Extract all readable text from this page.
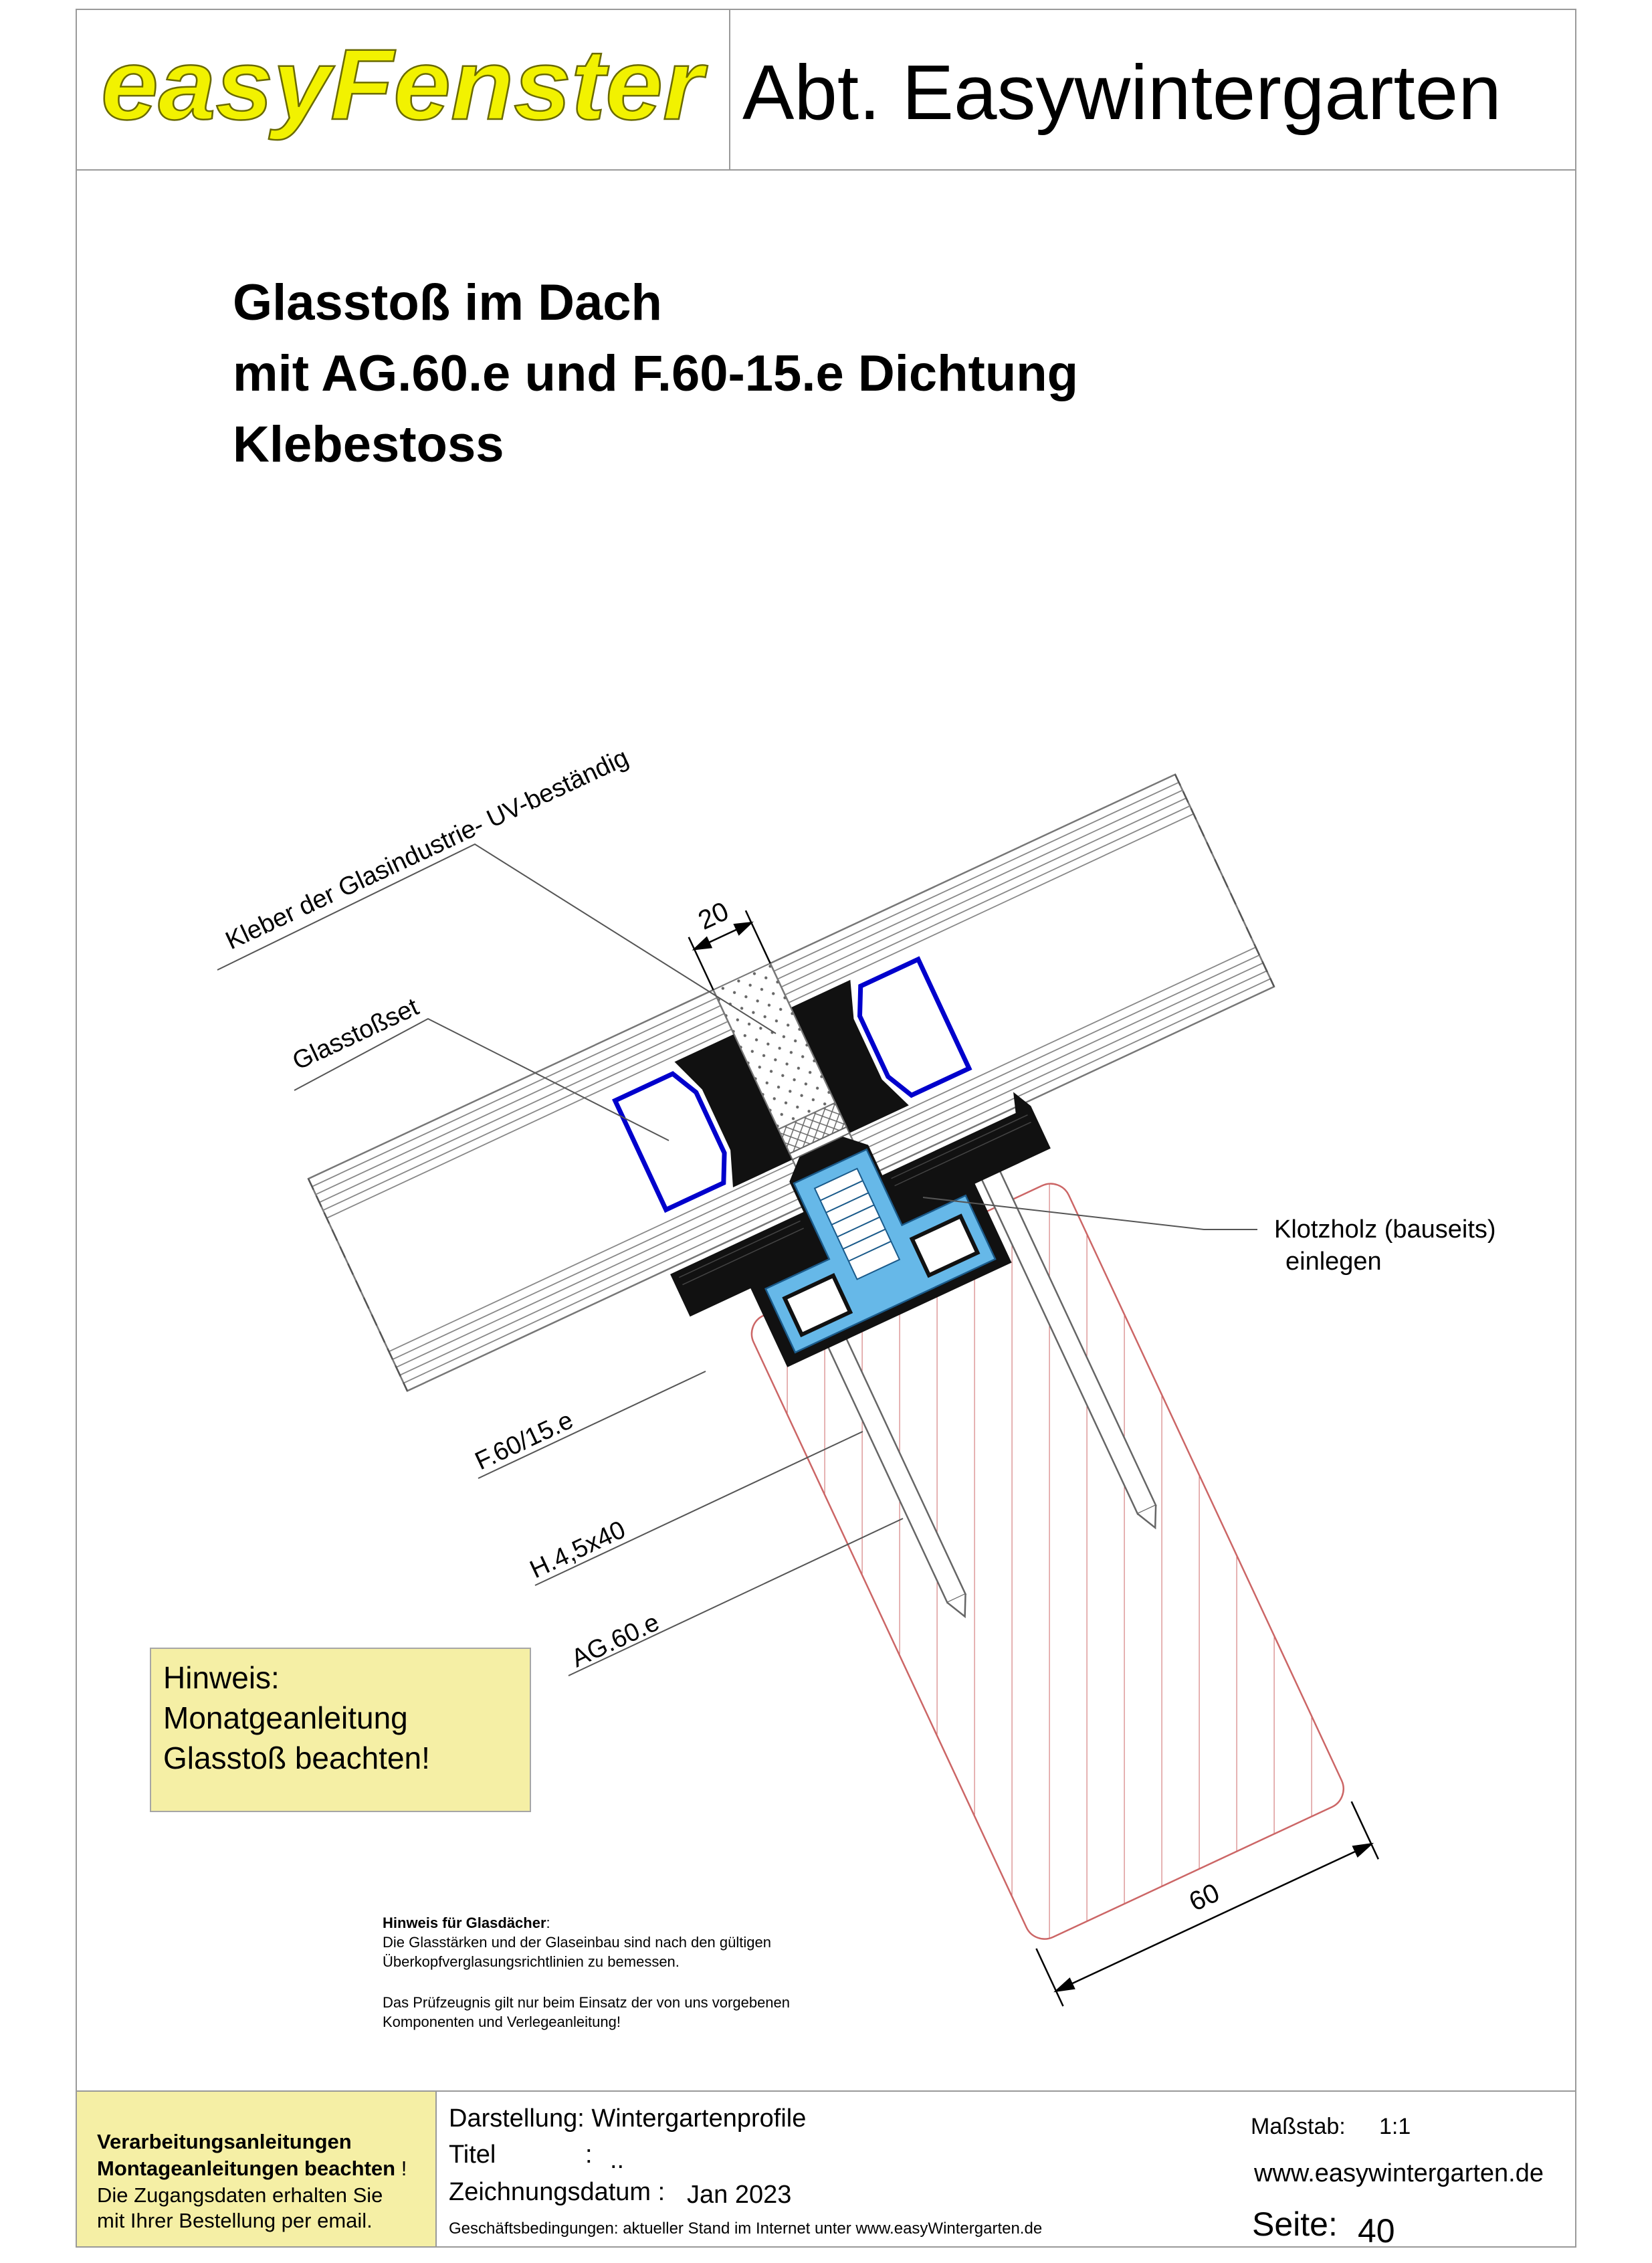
easyFenster Abt. Easywintergarten
Glasstoß im Dach
mit AG.60.e und F.60-15.e Dichtung
Klebestoss
20
60
Kleber der Glasindustrie- UV-beständig
Glasstoßset
F.60/15.e
H.4,5x40
AG.60.e
Klotzholz (bauseits)
einlegen
Hinweis:
Monatgeanleitung
Glasstoß beachten!
Hinweis für Glasdächer:
Die Glasstärken und der Glaseinbau sind nach den gültigen
Überkopfverglasungsrichtlinien zu bemessen.
Das Prüfzeugnis gilt nur beim Einsatz der von uns vorgebenen
Komponenten und Verlegeanleitung!
Verarbeitungsanleitungen
Montageanleitungen beachten !
Die Zugangsdaten erhalten Sie
mit Ihrer Bestellung per email.
Darstellung: Wintergartenprofile
Titel	: ..
Zeichnungsdatum : Jan 2023
Geschäftsbedingungen: aktueller Stand im Internet unter www.easyWintergarten.de
Maßstab: 1:1
www.easywintergarten.de
Seite: 40
